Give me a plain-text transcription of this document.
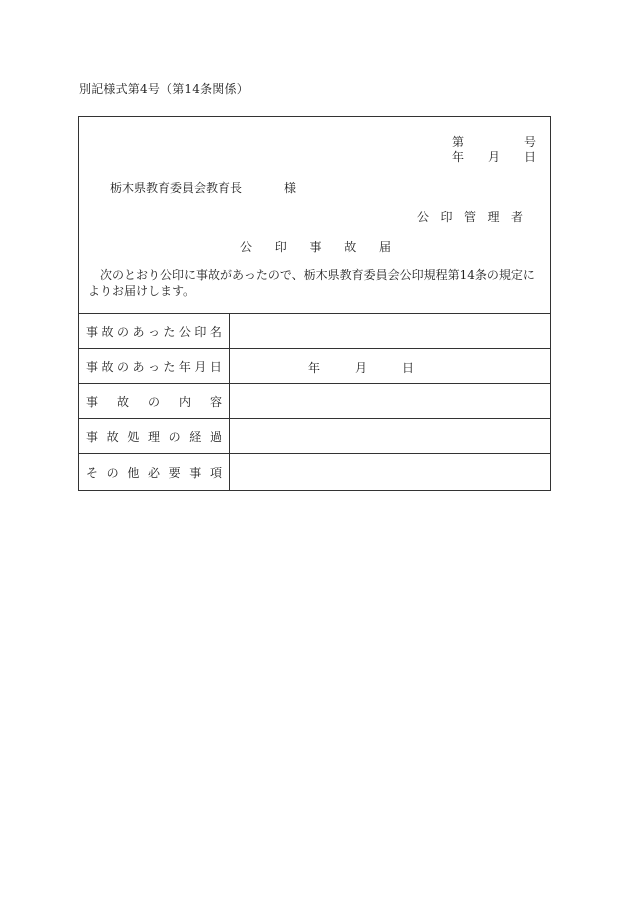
別記様式第4号（第14条関係）
第	号
年 月 日
栃木県教育委員会教育長	様
公 印 管 理 者
公 印 事 故 届
次のとおり公印に事故があったので、栃木県教育委員会公印規程第14条の規定によりお届けします。
事 故 の あ っ た 公 印 名
事 故 の あ っ た 年 月 日	年	月	日
事 故 の 内 容
事 故 処 理 の 経 過
そ の 他 必 要 事 項
